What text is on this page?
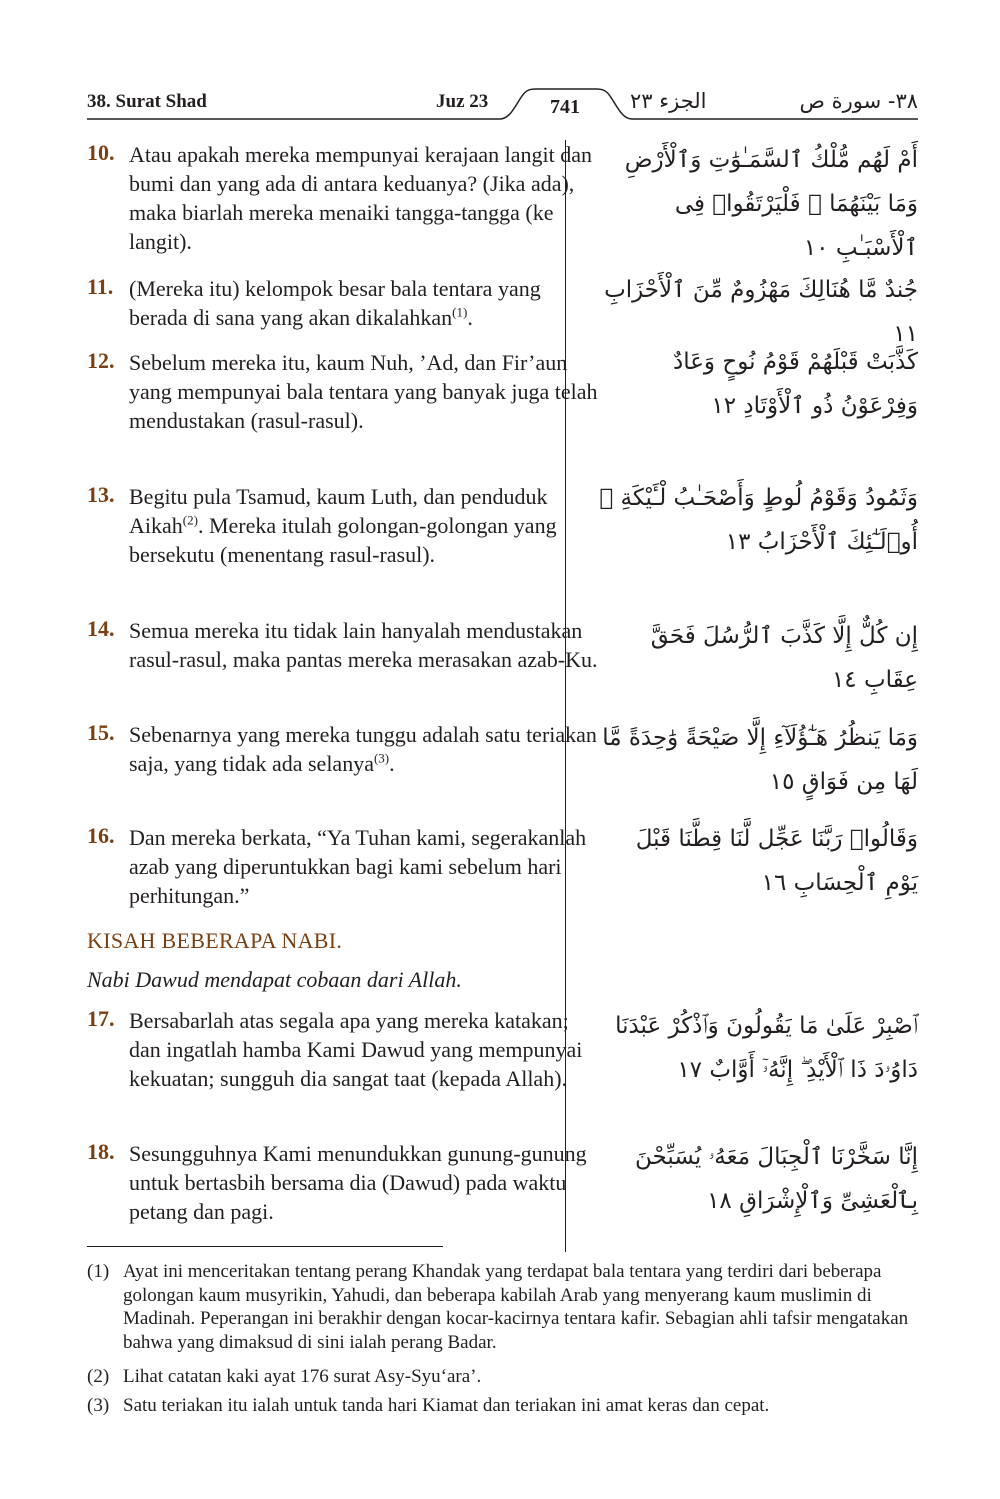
38. Surat Shad	Juz 23	741	الجزء ٢٣	٣٨- سورة ص
10. Atau apakah mereka mempunyai kerajaan langit dan bumi dan yang ada di antara keduanya? (Jika ada), maka biarlah mereka menaiki tangga-tangga (ke langit).
أَمْ لَهُم مُّلْكُ ٱلسَّمَـٰوَٰتِ وَٱلْأَرْضِ وَمَا بَيْنَهُمَا ۖ فَلْيَرْتَقُوا۟ فِى ٱلْأَسْبَـٰبِ ١٠
11. (Mereka itu) kelompok besar bala tentara yang berada di sana yang akan dikalahkan$^{(1)}$.
جُندٌ مَّا هُنَالِكَ مَهْزُومٌ مِّنَ ٱلْأَحْزَابِ ١١
12. Sebelum mereka itu, kaum Nuh, ’Ad, dan Fir’aun yang mempunyai bala tentara yang banyak juga telah mendustakan (rasul-rasul).
كَذَّبَتْ قَبْلَهُمْ قَوْمُ نُوحٍ وَعَادٌ وَفِرْعَوْنُ ذُو ٱلْأَوْتَادِ ١٢
13. Begitu pula Tsamud, kaum Luth, dan penduduk Aikah$^{(2)}$. Mereka itulah golongan-golongan yang bersekutu (menentang rasul-rasul).
وَثَمُودُ وَقَوْمُ لُوطٍ وَأَصْحَـٰبُ لْـَٔيْكَةِ ۚ أُو۟لَـٰٓئِكَ ٱلْأَحْزَابُ ١٣
14. Semua mereka itu tidak lain hanyalah mendustakan rasul-rasul, maka pantas mereka merasakan azab-Ku.
إِن كُلٌّ إِلَّا كَذَّبَ ٱلرُّسُلَ فَحَقَّ عِقَابِ ١٤
15. Sebenarnya yang mereka tunggu adalah satu teriakan saja, yang tidak ada selanya$^{(3)}$.
وَمَا يَنظُرُ هَـٰٓؤُلَآءِ إِلَّا صَيْحَةً وَٰحِدَةً مَّا لَهَا مِن فَوَاقٍ ١٥
16. Dan mereka berkata, “Ya Tuhan kami, segerakanlah azab yang diperuntukkan bagi kami sebelum hari perhitungan.”
وَقَالُوا۟ رَبَّنَا عَجِّل لَّنَا قِطَّنَا قَبْلَ يَوْمِ ٱلْحِسَابِ ١٦
KISAH BEBERAPA NABI.
Nabi Dawud mendapat cobaan dari Allah.
17. Bersabarlah atas segala apa yang mereka katakan; dan ingatlah hamba Kami Dawud yang mempunyai kekuatan; sungguh dia sangat taat (kepada Allah).
ٱصْبِرْ عَلَىٰ مَا يَقُولُونَ وَٱذْكُرْ عَبْدَنَا دَاوُۥدَ ذَا ٱلْأَيْدِ ۖ إِنَّهُۥٓ أَوَّابٌ ١٧
18. Sesungguhnya Kami menundukkan gunung-gunung untuk bertasbih bersama dia (Dawud) pada waktu petang dan pagi.
إِنَّا سَخَّرْنَا ٱلْجِبَالَ مَعَهُۥ يُسَبِّحْنَ بِٱلْعَشِىِّ وَٱلْإِشْرَاقِ ١٨
(1) Ayat ini menceritakan tentang perang Khandak yang terdapat bala tentara yang terdiri dari beberapa golongan kaum musyrikin, Yahudi, dan beberapa kabilah Arab yang menyerang kaum muslimin di Madinah. Peperangan ini berakhir dengan kocar-kacirnya tentara kafir. Sebagian ahli tafsir mengatakan bahwa yang dimaksud di sini ialah perang Badar.
(2) Lihat catatan kaki ayat 176 surat Asy-Syu‘ara’.
(3) Satu teriakan itu ialah untuk tanda hari Kiamat dan teriakan ini amat keras dan cepat.
